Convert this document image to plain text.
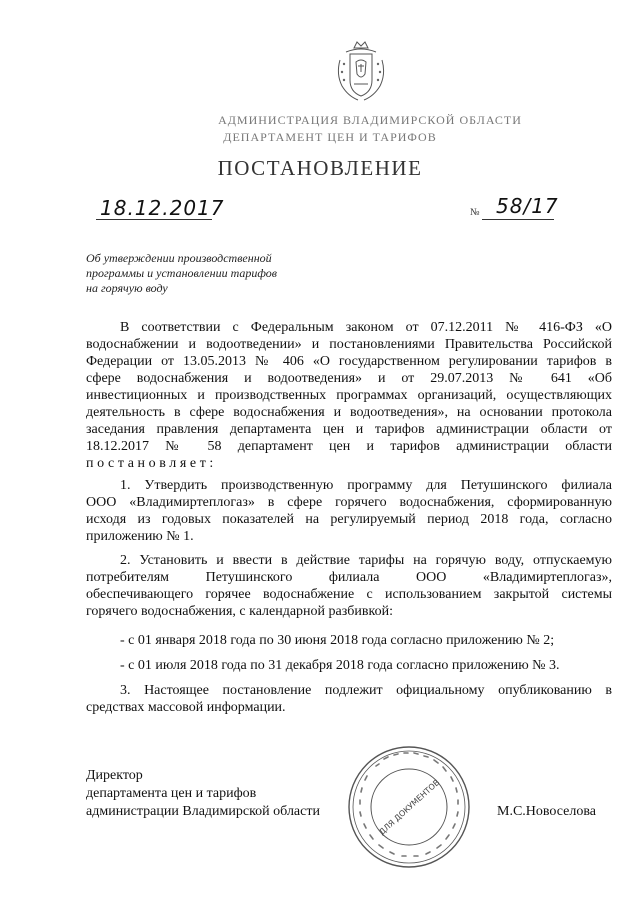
АДМИНИСТРАЦИЯ ВЛАДИМИРСКОЙ ОБЛАСТИ
ДЕПАРТАМЕНТ ЦЕН И ТАРИФОВ
ПОСТАНОВЛЕНИЕ
18.12.2017	№ 58/17
Об утверждении производственной
программы и установлении тарифов
на горячую воду
В соответствии с Федеральным законом от 07.12.2011 № 416-ФЗ «О
водоснабжении и водоотведении» и постановлениями Правительства Российской
Федерации от 13.05.2013 № 406 «О государственном регулировании тарифов в
сфере водоснабжения и водоотведения» и от 29.07.2013 № 641 «Об
инвестиционных и производственных программах организаций, осуществляющих
деятельность в сфере водоснабжения и водоотведения», на основании протокола
заседания правления департамента цен и тарифов администрации области от
18.12.2017 № 58 департамент цен и тарифов администрации области
постановляет:
1. Утвердить производственную программу для Петушинского филиала
ООО «Владимиртеплогаз» в сфере горячего водоснабжения, сформированную
исходя из годовых показателей на регулируемый период 2018 года, согласно
приложению № 1.
2. Установить и ввести в действие тарифы на горячую воду, отпускаемую
потребителям Петушинского филиала ООО «Владимиртеплогаз»,
обеспечивающего горячее водоснабжение с использованием закрытой системы
горячего водоснабжения, с календарной разбивкой:
- с 01 января 2018 года по 30 июня 2018 года согласно приложению № 2;
- с 01 июля 2018 года по 31 декабря 2018 года согласно приложению № 3.
3. Настоящее постановление подлежит официальному опубликованию в
средствах массовой информации.
Директор
департамента цен и тарифов
администрации Владимирской области	М.С.Новоселова
ДЛЯ ДОКУМЕНТОВ
